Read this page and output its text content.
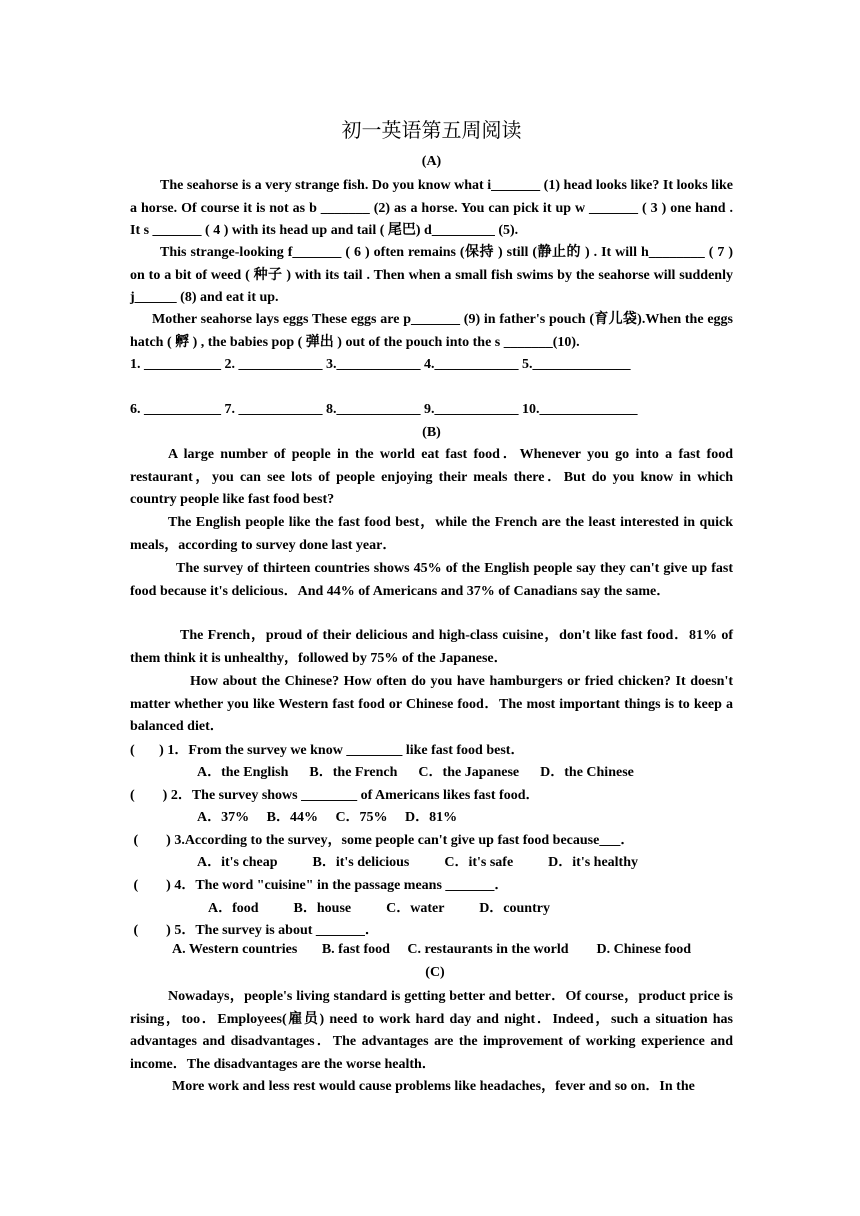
初一英语第五周阅读
(A)
The seahorse is a very strange fish. Do you know what i_______ (1) head looks like? It looks like a horse. Of course it is not as b _______ (2) as a horse. You can pick it up w _______ ( 3 ) one hand . It s _______ ( 4 ) with its head up and tail ( 尾巴) d_________ (5).
This strange-looking f_______ ( 6 ) often remains (保持 ) still (静止的 ) . It will h________ ( 7 ) on to a bit of weed ( 种子 ) with its tail . Then when a small fish swims by the seahorse will suddenly j______ (8) and eat it up.
Mother seahorse lays eggs These eggs are p_______ (9) in father's pouch (育儿袋).When the eggs hatch ( 孵 ) , the babies pop ( 弹出 ) out of the pouch into the s _______(10).
1. ___________ 2. ____________ 3.____________ 4.____________ 5.______________
6. ___________ 7. ____________ 8.____________ 9.____________ 10.______________
(B)
A large number of people in the world eat fast food．Whenever you go into a fast food restaurant，you can see lots of people enjoying their meals there．But do you know in which country people like fast food best?
The English people like the fast food best，while the French are the least interested in quick meals，according to survey done last year．
The survey of thirteen countries shows 45% of the English people say they can't give up fast food because it's delicious．And 44% of Americans and 37% of Canadians say the same．
The French，proud of their delicious and high-class cuisine，don't like fast food．81% of them think it is unhealthy，followed by 75% of the Japanese．
How about the Chinese? How often do you have hamburgers or fried chicken? It doesn't matter whether you like Western fast food or Chinese food．The most important things is to keep a balanced diet．
(       ) 1．From the survey we know ________ like fast food best．
A．the English      B．the French      C．the Japanese      D．the Chinese
(        ) 2．The survey shows ________ of Americans likes fast food．
A．37%     B．44%     C．75%     D．81%
(        ) 3.According to the survey，some people can't give up fast food because___．
A．it's cheap          B．it's delicious          C．it's safe          D．it's healthy
(        ) 4．The word "cuisine" in the passage means _______．
A．food          B．house          C．water          D．country
(        ) 5．The survey is about _______．
A. Western countries       B. fast food     C. restaurants in the world        D. Chinese food
(C)
Nowadays，people's living standard is getting better and better．Of course，product price is rising，too．Employees(雇员) need to work hard day and night．Indeed，such a situation has advantages and disadvantages．The advantages are the improvement of working experience and income．The disadvantages are the worse health．
More work and less rest would cause problems like headaches，fever and so on．In the
